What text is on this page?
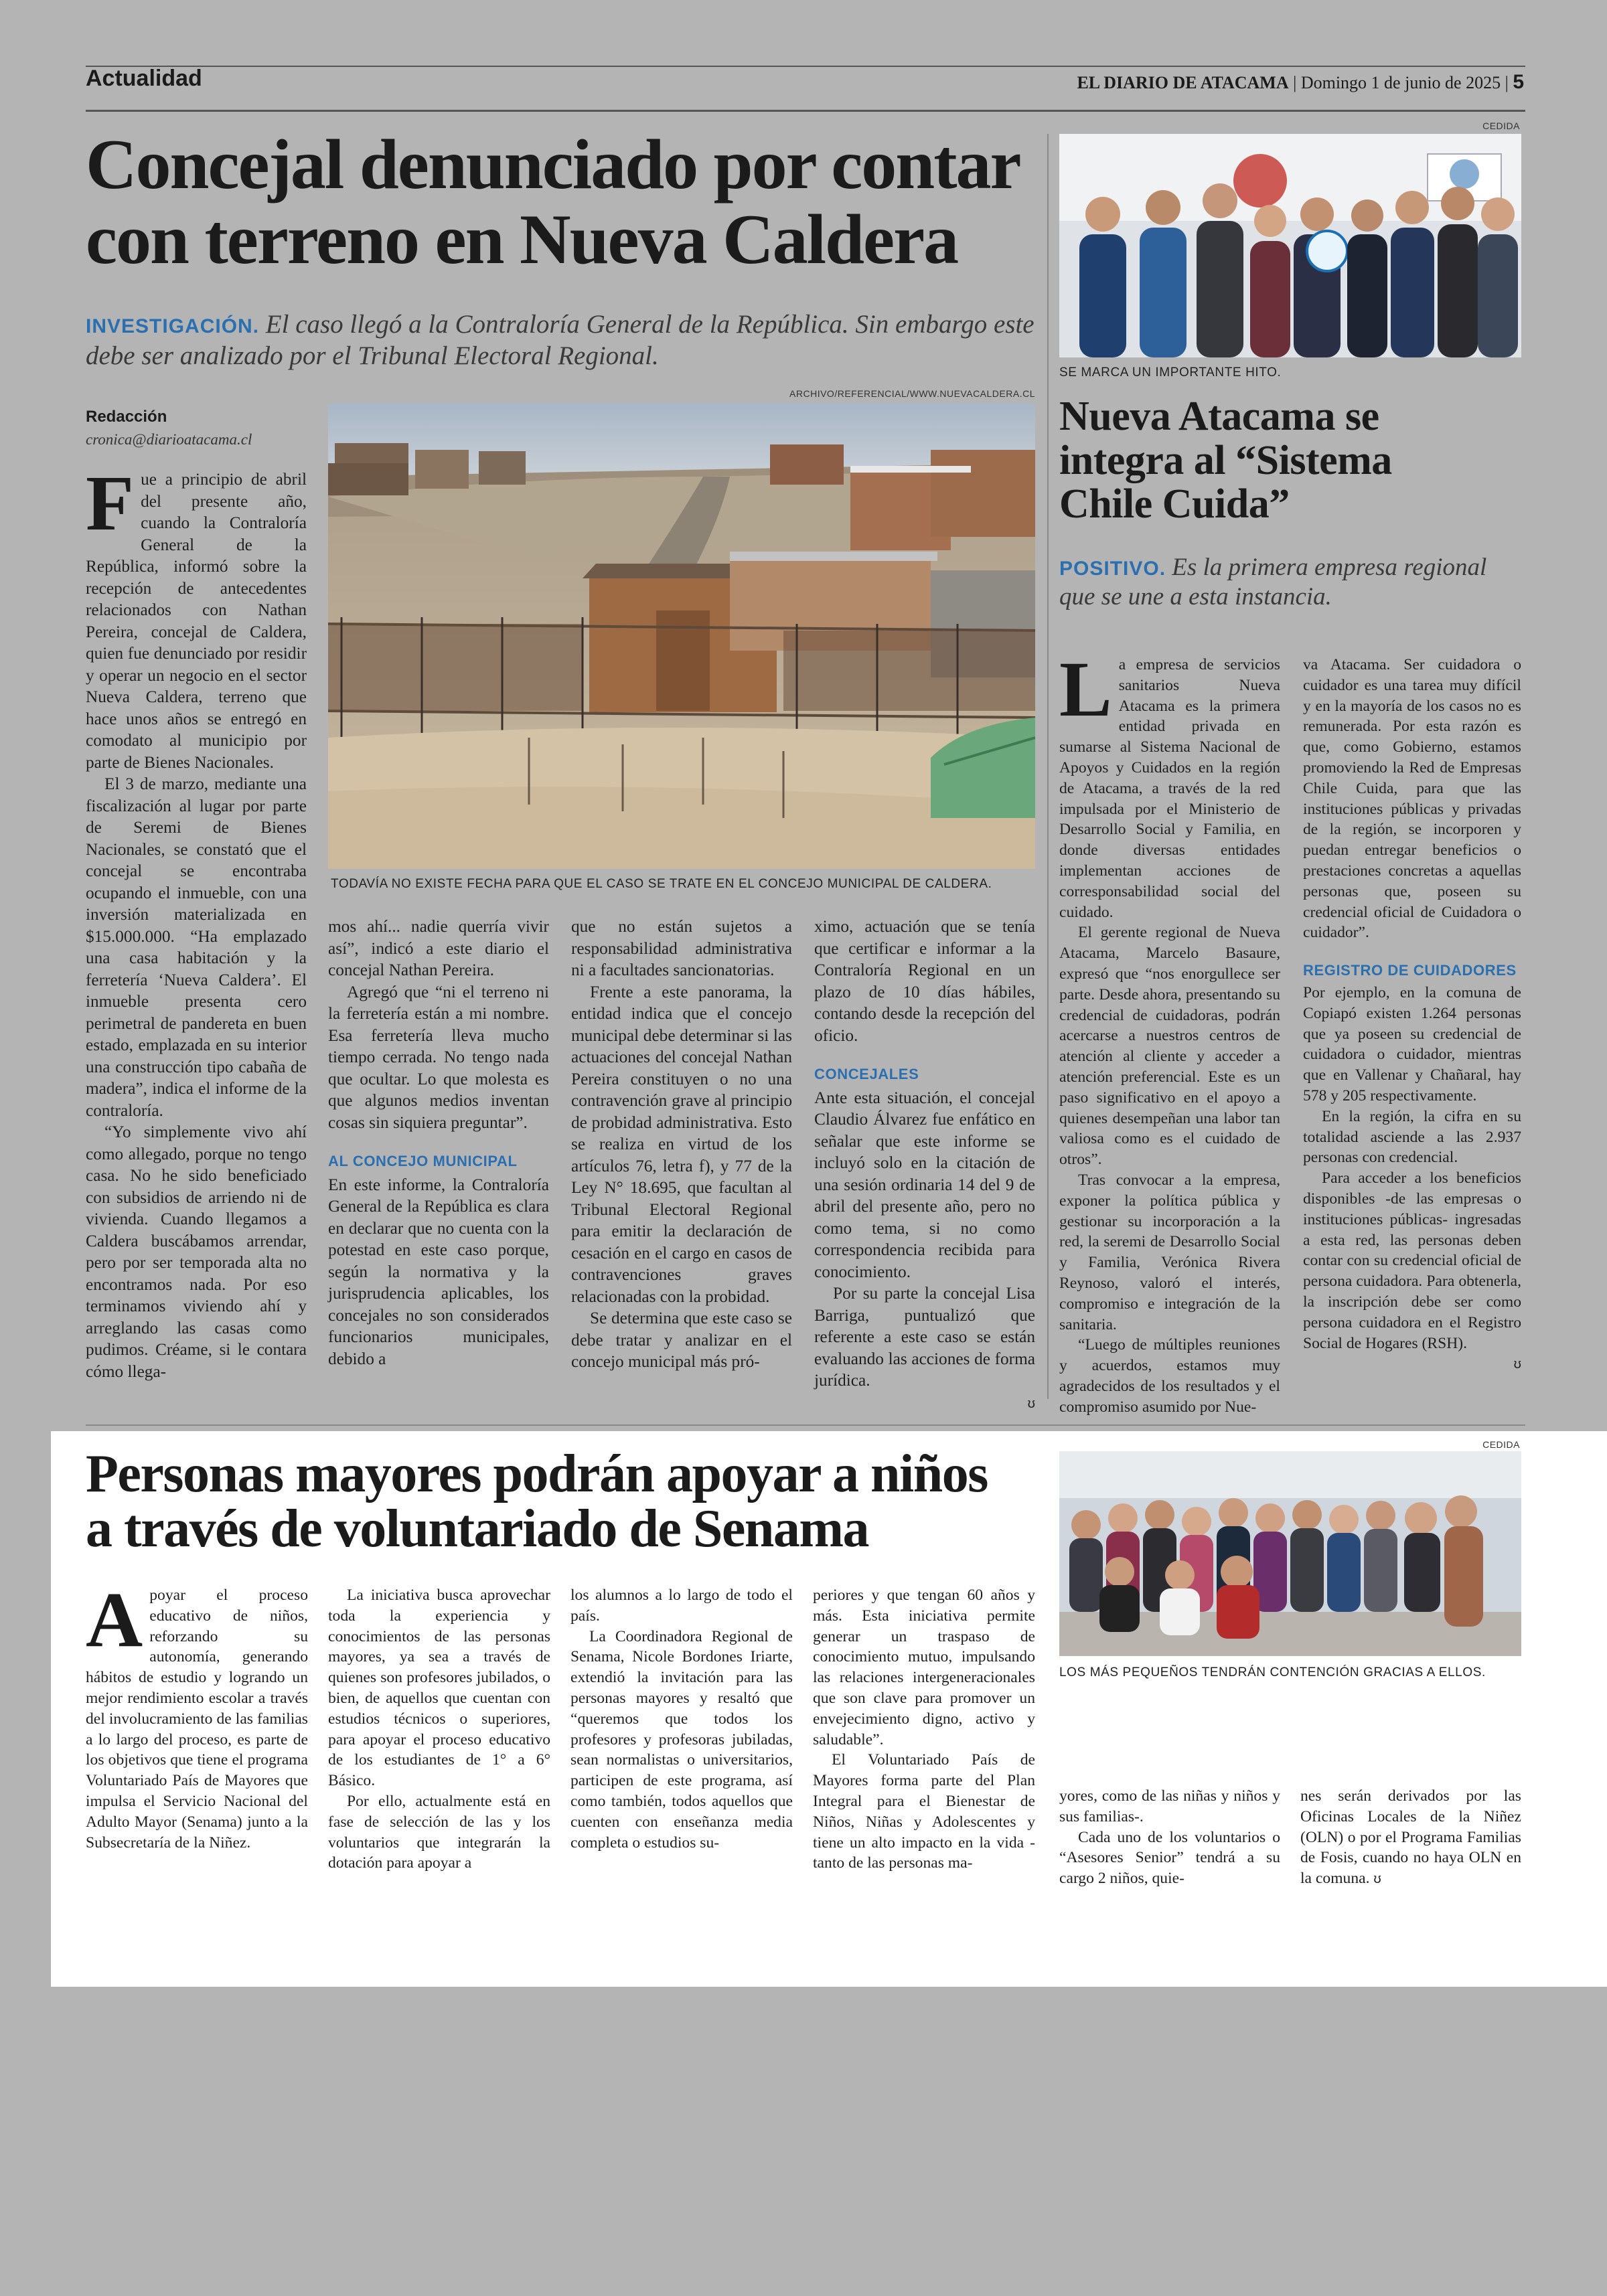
Actualidad	EL DIARIO DE ATACAMA | Domingo 1 de junio de 2025 | 5
Concejal denunciado por contar
con terreno en Nueva Caldera
INVESTIGACIÓN. El caso llegó a la Contraloría General de la República. Sin embargo este debe ser analizado por el Tribunal Electoral Regional.
Redacción
cronica@diarioatacama.cl
ARCHIVO/REFERENCIAL/WWW.NUEVACALDERA.CL
TODAVÍA NO EXISTE FECHA PARA QUE EL CASO SE TRATE EN EL CONCEJO MUNICIPAL DE CALDERA.

Fue a principio de abril del presente año, cuando la Contraloría General de la República, informó sobre la recepción de antecedentes relacionados con Nathan Pereira, concejal de Caldera, quien fue denunciado por residir y operar un negocio en el sector Nueva Caldera, terreno que hace unos años se entregó en comodato al municipio por parte de Bienes Nacionales.

El 3 de marzo, mediante una fiscalización al lugar por parte de Seremi de Bienes Nacionales, se constató que el concejal se encontraba ocupando el inmueble, con una inversión materializada en $15.000.000. “Ha emplazado una casa habitación y la ferretería ‘Nueva Caldera’. El inmueble presenta cero perimetral de pandereta en buen estado, emplazada en su interior una construcción tipo cabaña de madera”, indica el informe de la contraloría.

“Yo simplemente vivo ahí como allegado, porque no tengo casa. No he sido beneficiado con subsidios de arriendo ni de vivienda. Cuando llegamos a Caldera buscábamos arrendar, pero por ser temporada alta no encontramos nada. Por eso terminamos viviendo ahí y arreglando las casas como pudimos. Créame, si le contara cómo llega-

mos ahí... nadie querría vivir así”, indicó a este diario el concejal Nathan Pereira.

Agregó que “ni el terreno ni la ferretería están a mi nombre. Esa ferretería lleva mucho tiempo cerrada. No tengo nada que ocultar. Lo que molesta es que algunos medios inventan cosas sin siquiera preguntar”.

AL CONCEJO MUNICIPAL

En este informe, la Contraloría General de la República es clara en declarar que no cuenta con la potestad en este caso porque, según la normativa y la jurisprudencia aplicables, los concejales no son considerados funcionarios municipales, debido a

que no están sujetos a responsabilidad administrativa ni a facultades sancionatorias.

Frente a este panorama, la entidad indica que el concejo municipal debe determinar si las actuaciones del concejal Nathan Pereira constituyen o no una contravención grave al principio de probidad administrativa. Esto se realiza en virtud de los artículos 76, letra f), y 77 de la Ley N° 18.695, que facultan al Tribunal Electoral Regional para emitir la declaración de cesación en el cargo en casos de contravenciones graves relacionadas con la probidad.

Se determina que este caso se debe tratar y analizar en el concejo municipal más pró-

ximo, actuación que se tenía que certificar e informar a la Contraloría Regional en un plazo de 10 días hábiles, contando desde la recepción del oficio.

CONCEJALES

Ante esta situación, el concejal Claudio Álvarez fue enfático en señalar que este informe se incluyó solo en la citación de una sesión ordinaria 14 del 9 de abril del presente año, pero no como tema, si no como correspondencia recibida para conocimiento.

Por su parte la concejal Lisa Barriga, puntualizó que referente a este caso se están evaluando las acciones de forma jurídica.

ʊ
CEDIDA
SE MARCA UN IMPORTANTE HITO.
Nueva Atacama se
integra al “Sistema
Chile Cuida”
POSITIVO. Es la primera empresa regional que se une a esta instancia.

La empresa de servicios sanitarios Nueva Atacama es la primera entidad privada en sumarse al Sistema Nacional de Apoyos y Cuidados en la región de Atacama, a través de la red impulsada por el Ministerio de Desarrollo Social y Familia, en donde diversas entidades implementan acciones de corresponsabilidad social del cuidado.

El gerente regional de Nueva Atacama, Marcelo Basaure, expresó que “nos enorgullece ser parte. Desde ahora, presentando su credencial de cuidadoras, podrán acercarse a nuestros centros de atención al cliente y acceder a atención preferencial. Este es un paso significativo en el apoyo a quienes desempeñan una labor tan valiosa como es el cuidado de otros”.

Tras convocar a la empresa, exponer la política pública y gestionar su incorporación a la red, la seremi de Desarrollo Social y Familia, Verónica Rivera Reynoso, valoró el interés, compromiso e integración de la sanitaria.

“Luego de múltiples reuniones y acuerdos, estamos muy agradecidos de los resultados y el compromiso asumido por Nue-

va Atacama. Ser cuidadora o cuidador es una tarea muy difícil y en la mayoría de los casos no es remunerada. Por esta razón es que, como Gobierno, estamos promoviendo la Red de Empresas Chile Cuida, para que las instituciones públicas y privadas de la región, se incorporen y puedan entregar beneficios o prestaciones concretas a aquellas personas que, poseen su credencial oficial de Cuidadora o cuidador”.

REGISTRO DE CUIDADORES

Por ejemplo, en la comuna de Copiapó existen 1.264 personas que ya poseen su credencial de cuidadora o cuidador, mientras que en Vallenar y Chañaral, hay 578 y 205 respectivamente.

En la región, la cifra en su totalidad asciende a las 2.937 personas con credencial.

Para acceder a los beneficios disponibles -de las empresas o instituciones públicas- ingresadas a esta red, las personas deben contar con su credencial oficial de persona cuidadora. Para obtenerla, la inscripción debe ser como persona cuidadora en el Registro Social de Hogares (RSH).

ʊ
Personas mayores podrán apoyar a niños
a través de voluntariado de Senama
CEDIDA
LOS MÁS PEQUEÑOS TENDRÁN CONTENCIÓN GRACIAS A ELLOS.

Apoyar el proceso educativo de niños, reforzando su autonomía, generando hábitos de estudio y logrando un mejor rendimiento escolar a través del involucramiento de las familias a lo largo del proceso, es parte de los objetivos que tiene el programa Voluntariado País de Mayores que impulsa el Servicio Nacional del Adulto Mayor (Senama) junto a la Subsecretaría de la Niñez.

La iniciativa busca aprovechar toda la experiencia y conocimientos de las personas mayores, ya sea a través de quienes son profesores jubilados, o bien, de aquellos que cuentan con estudios técnicos o superiores, para apoyar el proceso educativo de los estudiantes de 1° a 6° Básico.

Por ello, actualmente está en fase de selección de las y los voluntarios que integrarán la dotación para apoyar a

los alumnos a lo largo de todo el país.

La Coordinadora Regional de Senama, Nicole Bordones Iriarte, extendió la invitación para las personas mayores y resaltó que “queremos que todos los profesores y profesoras jubiladas, sean normalistas o universitarios, participen de este programa, así como también, todos aquellos que cuenten con enseñanza media completa o estudios su-

periores y que tengan 60 años y más. Esta iniciativa permite generar un traspaso de conocimiento mutuo, impulsando las relaciones intergeneracionales que son clave para promover un envejecimiento digno, activo y saludable”.

El Voluntariado País de Mayores forma parte del Plan Integral para el Bienestar de Niños, Niñas y Adolescentes y tiene un alto impacto en la vida -tanto de las personas ma-

yores, como de las niñas y niños y sus familias-.

Cada uno de los voluntarios o “Asesores Senior” tendrá a su cargo 2 niños, quie-

nes serán derivados por las Oficinas Locales de la Niñez (OLN) o por el Programa Familias de Fosis, cuando no haya OLN en la comuna. ʊ
